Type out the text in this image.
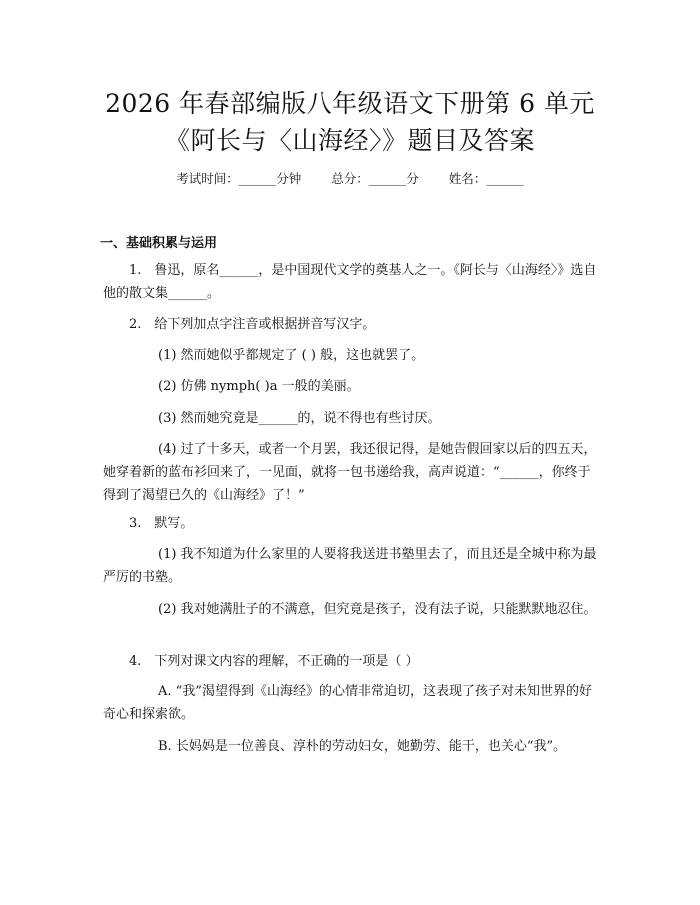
2026 年春部编版八年级语文下册第 6 单元
《阿长与〈山海经〉》题目及答案
考试时间：______分钟 总分：______分 姓名：______
一、基础积累与运用
1.　鲁迅，原名______，是中国现代文学的奠基人之一。《阿长与〈山海经〉》选自他的散文集______。
2.　给下列加点字注音或根据拼音写汉字。
(1) 然而她似乎都规定了 ( ) 般，这也就罢了。
(2) 仿佛 nymph( )a 一般的美丽。
(3) 然而她究竟是______的，说不得也有些讨厌。
(4) 过了十多天，或者一个月罢，我还很记得，是她告假回家以后的四五天，她穿着新的蓝布衫回来了，一见面，就将一包书递给我，高声说道：“______，你终于得到了渴望已久的《山海经》了！”
3.　默写。
(1) 我不知道为什么家里的人要将我送进书塾里去了，而且还是全城中称为最严厉的书塾。
(2) 我对她满肚子的不满意，但究竟是孩子，没有法子说，只能默默地忍住。
4.　下列对课文内容的理解，不正确的一项是（ ）
A. “我”渴望得到《山海经》的心情非常迫切，这表现了孩子对未知世界的好奇心和探索欲。
B. 长妈妈是一位善良、淳朴的劳动妇女，她勤劳、能干，也关心“我”。
